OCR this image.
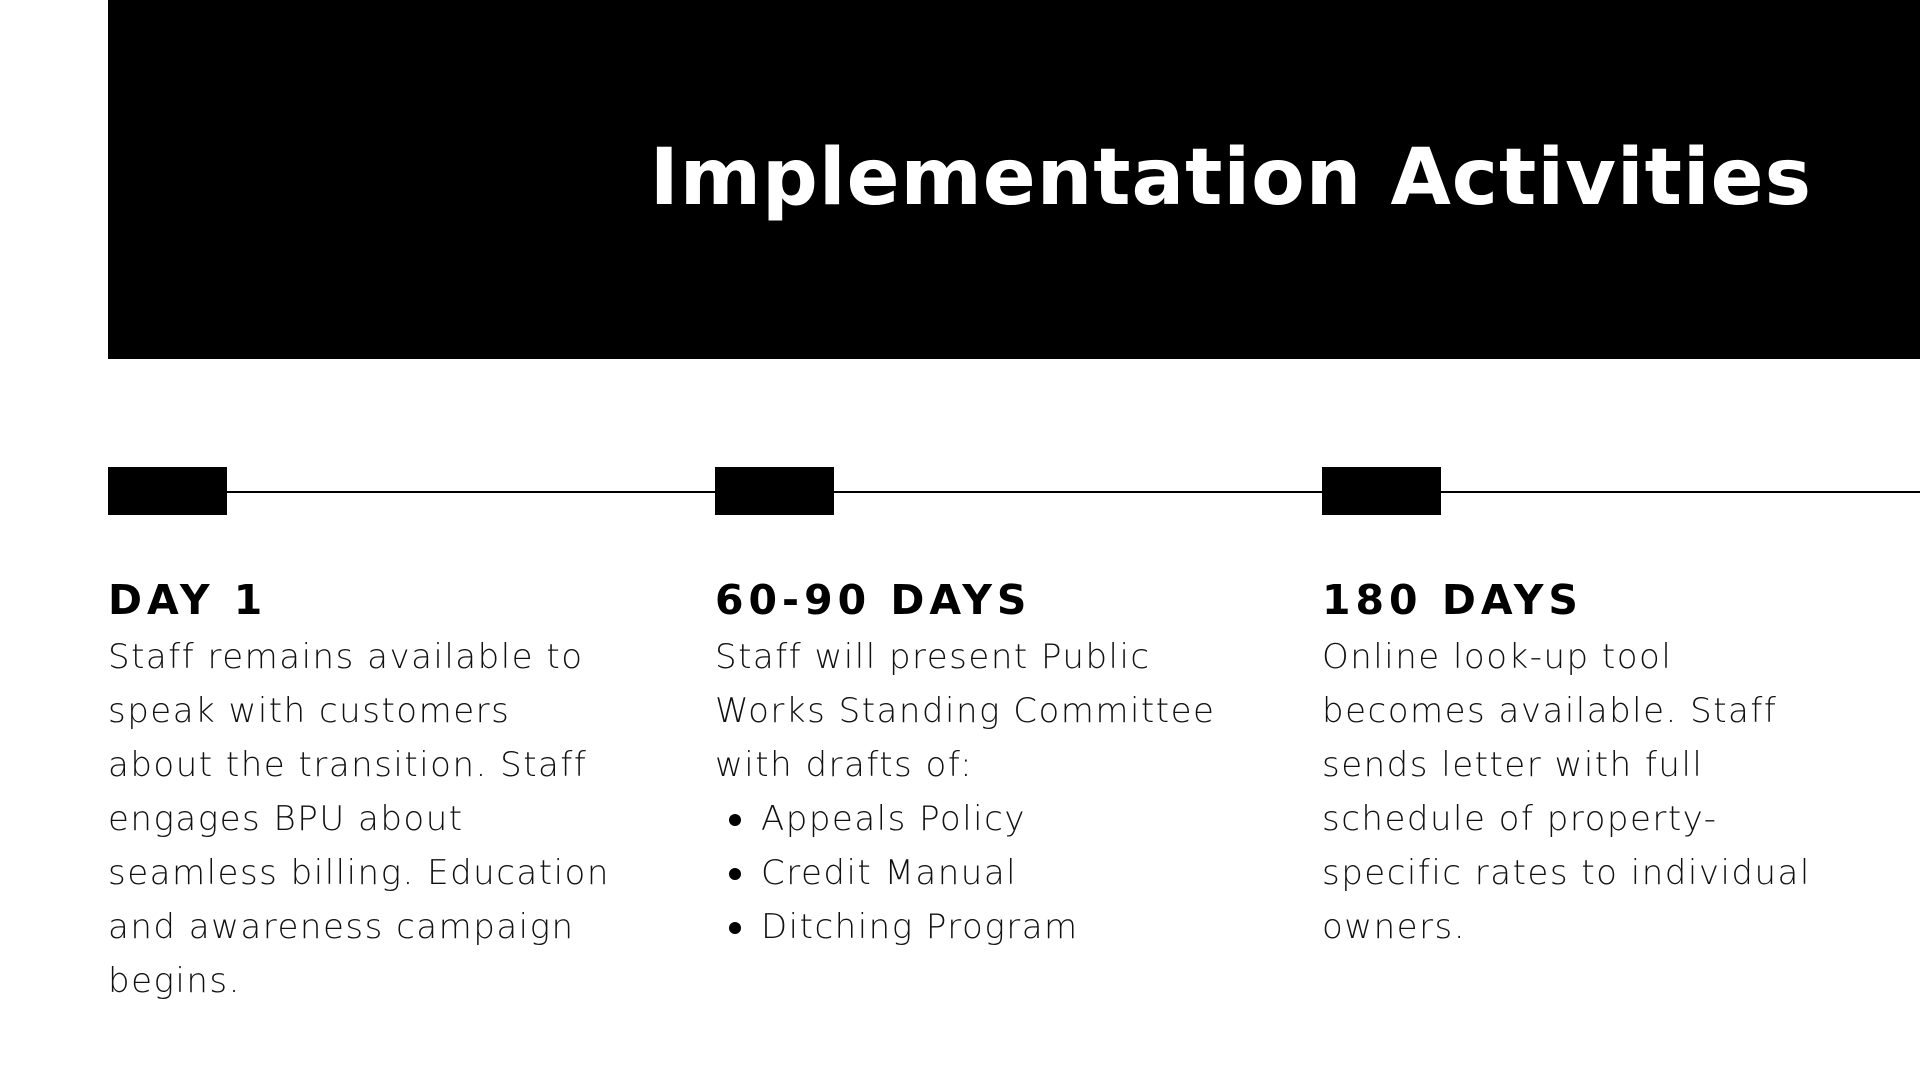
Implementation Activities
DAY 1

Staff remains available to speak with customers about the transition. Staff engages BPU about seamless billing. Education and awareness campaign begins.

60-90 DAYS

Staff will present Public Works Standing Committee with drafts of:

Appeals Policy
Credit Manual
Ditching Program
180 DAYS

Online look-up tool becomes available. Staff sends letter with full schedule of property-specific rates to individual owners.
